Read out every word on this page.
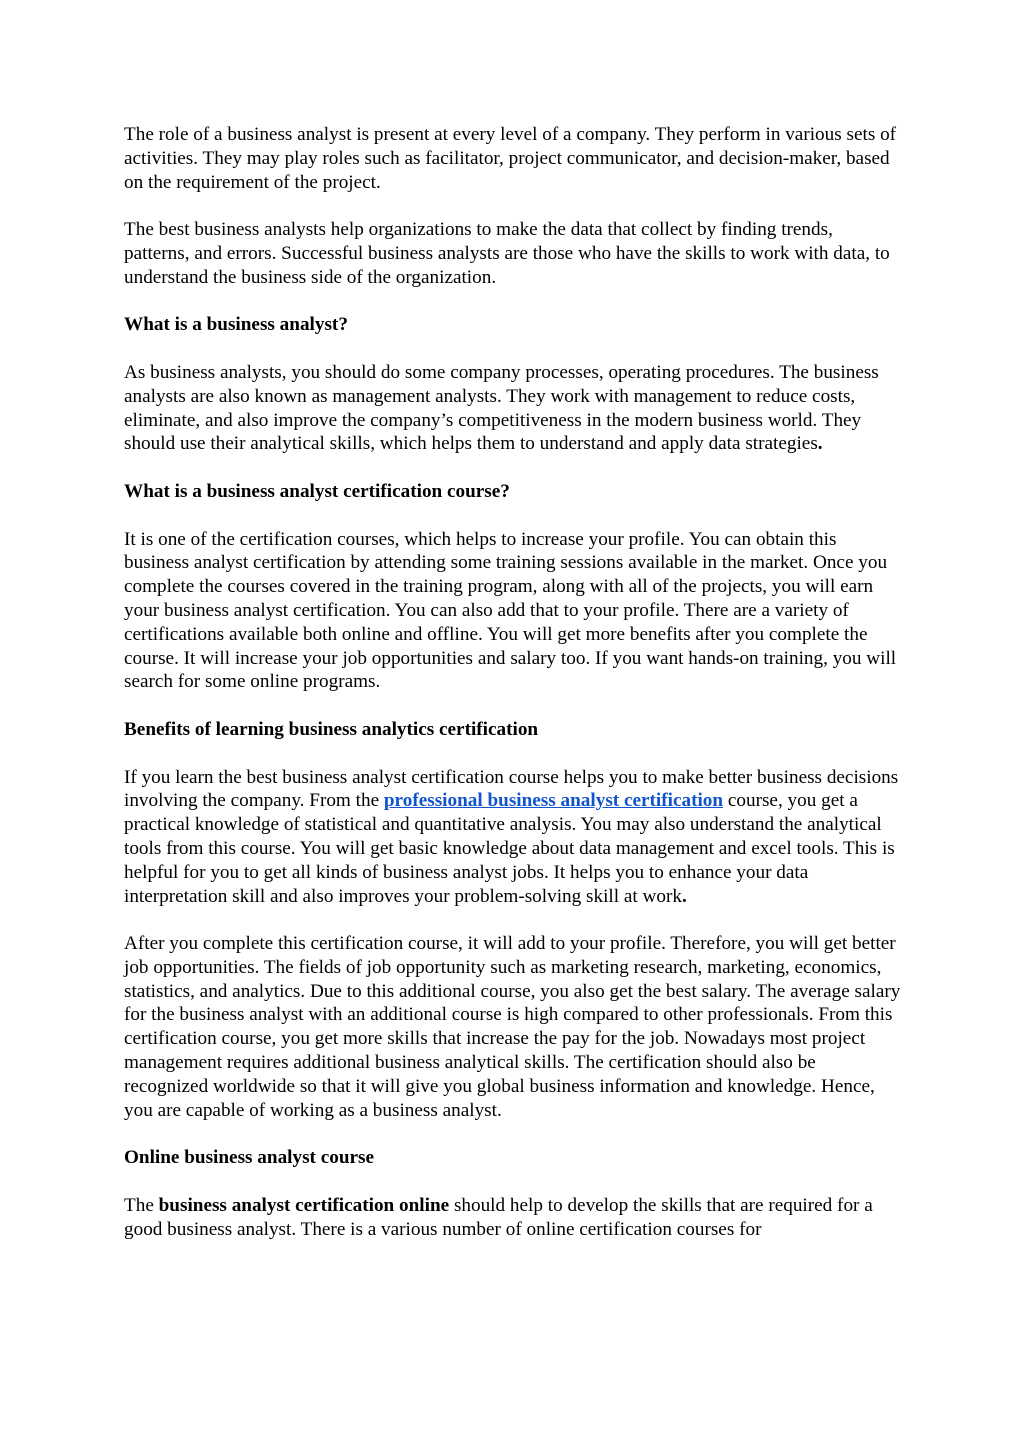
The role of a business analyst is present at every level of a company. They perform in various sets of activities. They may play roles such as facilitator, project communicator, and decision-maker, based on the requirement of the project.

The best business analysts help organizations to make the data that collect by finding trends, patterns, and errors. Successful business analysts are those who have the skills to work with data, to understand the business side of the organization.

What is a business analyst?

As business analysts, you should do some company processes, operating procedures. The business analysts are also known as management analysts. They work with management to reduce costs, eliminate, and also improve the company’s competitiveness in the modern business world. They should use their analytical skills, which helps them to understand and apply data strategies.

What is a business analyst certification course?

It is one of the certification courses, which helps to increase your profile. You can obtain this business analyst certification by attending some training sessions available in the market. Once you complete the courses covered in the training program, along with all of the projects, you will earn your business analyst certification. You can also add that to your profile. There are a variety of certifications available both online and offline. You will get more benefits after you complete the course. It will increase your job opportunities and salary too. If you want hands-on training, you will search for some online programs.

Benefits of learning business analytics certification

If you learn the best business analyst certification course helps you to make better business decisions involving the company. From the professional business analyst certification course, you get a practical knowledge of statistical and quantitative analysis. You may also understand the analytical tools from this course. You will get basic knowledge about data management and excel tools. This is helpful for you to get all kinds of business analyst jobs. It helps you to enhance your data interpretation skill and also improves your problem-solving skill at work.

After you complete this certification course, it will add to your profile. Therefore, you will get better job opportunities. The fields of job opportunity such as marketing research, marketing, economics, statistics, and analytics. Due to this additional course, you also get the best salary. The average salary for the business analyst with an additional course is high compared to other professionals. From this certification course, you get more skills that increase the pay for the job. Nowadays most project management requires additional business analytical skills. The certification should also be recognized worldwide so that it will give you global business information and knowledge. Hence, you are capable of working as a business analyst.

Online business analyst course

The business analyst certification online should help to develop the skills that are required for a good business analyst. There is a various number of online certification courses for
